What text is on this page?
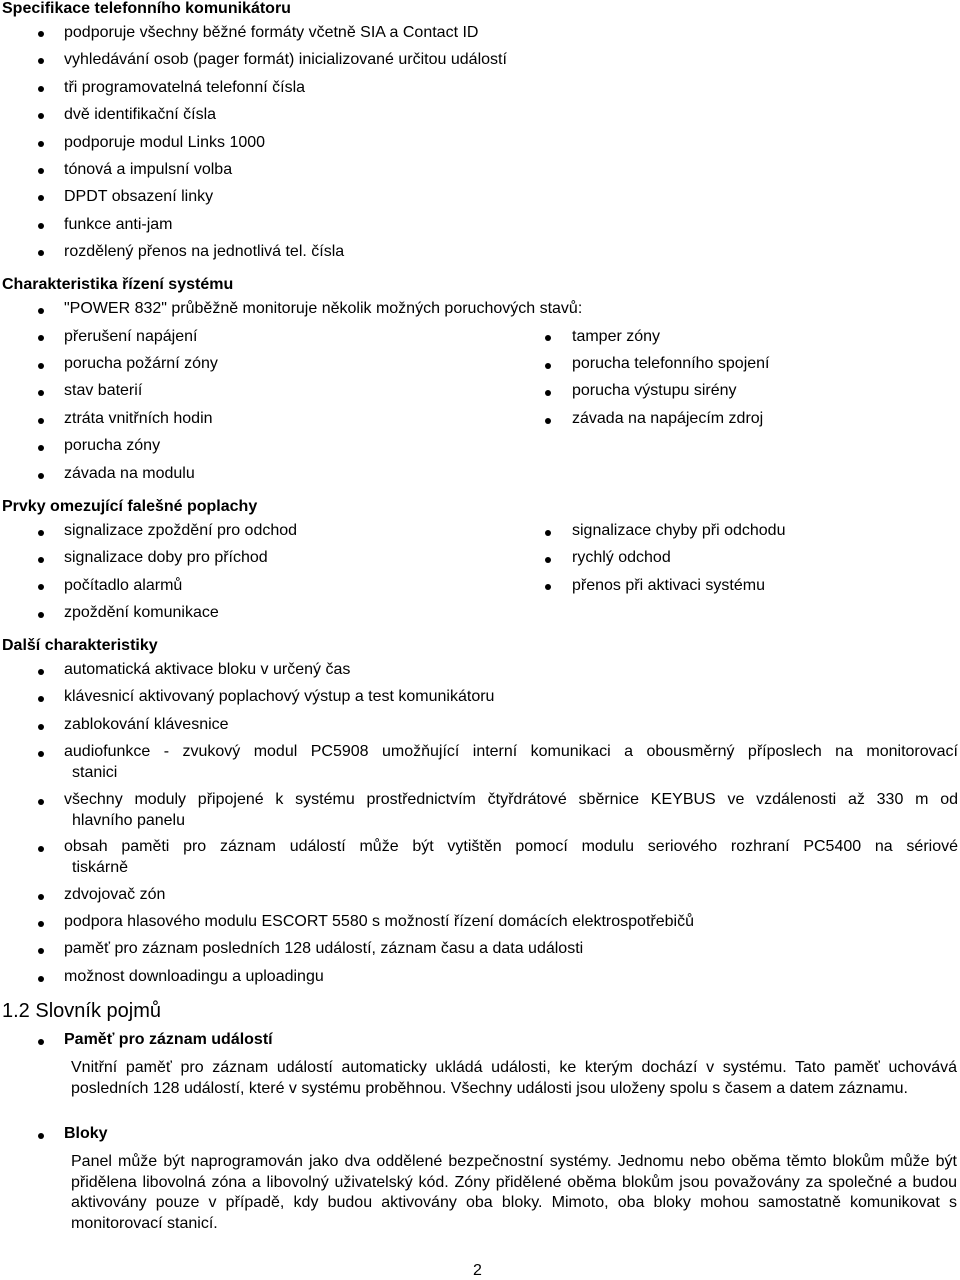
Specifikace telefonního komunikátoru
podporuje všechny běžné formáty včetně SIA a Contact ID
vyhledávání osob (pager formát) inicializované určitou událostí
tři programovatelná telefonní čísla
dvě identifikační čísla
podporuje modul Links 1000
tónová a impulsní volba
DPDT obsazení linky
funkce anti-jam
rozdělený přenos na jednotlivá tel. čísla
Charakteristika řízení systému
"POWER 832" průběžně monitoruje několik možných poruchových stavů:
přerušení napájení
porucha požární zóny
stav baterií
ztráta vnitřních hodin
porucha zóny
závada na modulu
tamper zóny
porucha telefonního spojení
porucha výstupu sirény
závada na napájecím zdroj
Prvky omezující falešné poplachy
signalizace zpoždění pro odchod
signalizace doby pro příchod
počítadlo alarmů
zpoždění komunikace
signalizace chyby při odchodu
rychlý odchod
přenos při aktivaci systému
Další charakteristiky
automatická aktivace bloku v určený čas
klávesnicí aktivovaný poplachový výstup a test komunikátoru
zablokování klávesnice
audiofunkce - zvukový modul PC5908 umožňující interní komunikaci a obousměrný příposlech na monitorovací
stanici
všechny moduly připojené k systému prostřednictvím čtyřdrátové sběrnice KEYBUS ve vzdálenosti až 330 m od
hlavního panelu
obsah paměti pro záznam událostí může být vytištěn pomocí modulu seriového rozhraní PC5400 na sériové
tiskárně
zdvojovač zón
podpora hlasového modulu ESCORT 5580 s možností řízení domácích elektrospotřebičů
paměť pro záznam posledních 128 událostí, záznam času a data události
možnost downloadingu a uploadingu
1.2 Slovník pojmů
Paměť pro záznam událostí
Vnitřní paměť pro záznam událostí automaticky ukládá události, ke kterým dochází v systému. Tato paměť uchovává posledních 128 událostí, které v systému proběhnou. Všechny události jsou uloženy spolu s časem a datem záznamu.
Bloky
Panel může být naprogramován jako dva oddělené bezpečnostní systémy. Jednomu nebo oběma těmto blokům může být přidělena libovolná zóna a libovolný uživatelský kód. Zóny přidělené oběma blokům jsou považovány za společné a budou aktivovány pouze v případě, kdy budou aktivovány oba bloky. Mimoto, oba bloky mohou samostatně komunikovat s monitorovací stanicí.
2
